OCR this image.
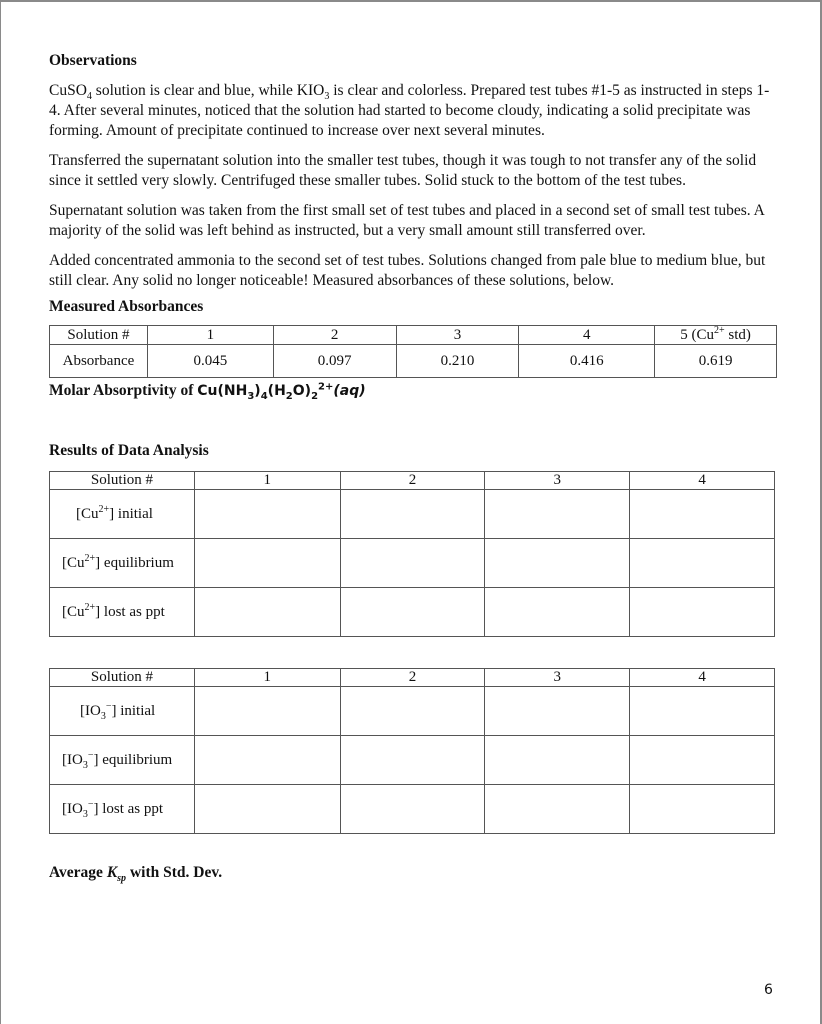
Observations

CuSO$_4$ solution is clear and blue, while $KIO_3$ is clear and colorless. Prepared test tubes #1-5 as instructed in steps 1-4. After several minutes, noticed that the solution had started to become cloudy, indicating a solid precipitate was forming. Amount of precipitate continued to increase over next several minutes.

Transferred the supernatant solution into the smaller test tubes, though it was tough to not transfer any of the solid since it settled very slowly. Centrifuged these smaller tubes. Solid stuck to the bottom of the test tubes.

Supernatant solution was taken from the first small set of test tubes and placed in a second set of small test tubes. A majority of the solid was left behind as instructed, but a very small amount still transferred over.

Added concentrated ammonia to the second set of test tubes. Solutions changed from pale blue to medium blue, but still clear. Any solid no longer noticeable! Measured absorbances of these solutions, below.

Measured Absorbances
Solution #	1	2	3	4	5 ($Cu^{2+}$ std)
Absorbance	0.045	0.097	0.210	0.416	0.619
Molar Absorptivity of $Cu(NH_3)_4(H_2O)_2^{2+}(aq)$
Results of Data Analysis
Solution #	1	2	3	4
$[Cu^{2+}]$ initial				
$[Cu^{2+}]$ equilibrium				
$[Cu^{2+}]$ lost as ppt				
Solution #	1	2	3	4
$[IO_3^-]$ initial				
$[IO_3^-]$ equilibrium				
$[IO_3^-]$ lost as ppt				
Average $K_{sp}$ with Std. Dev.
6
